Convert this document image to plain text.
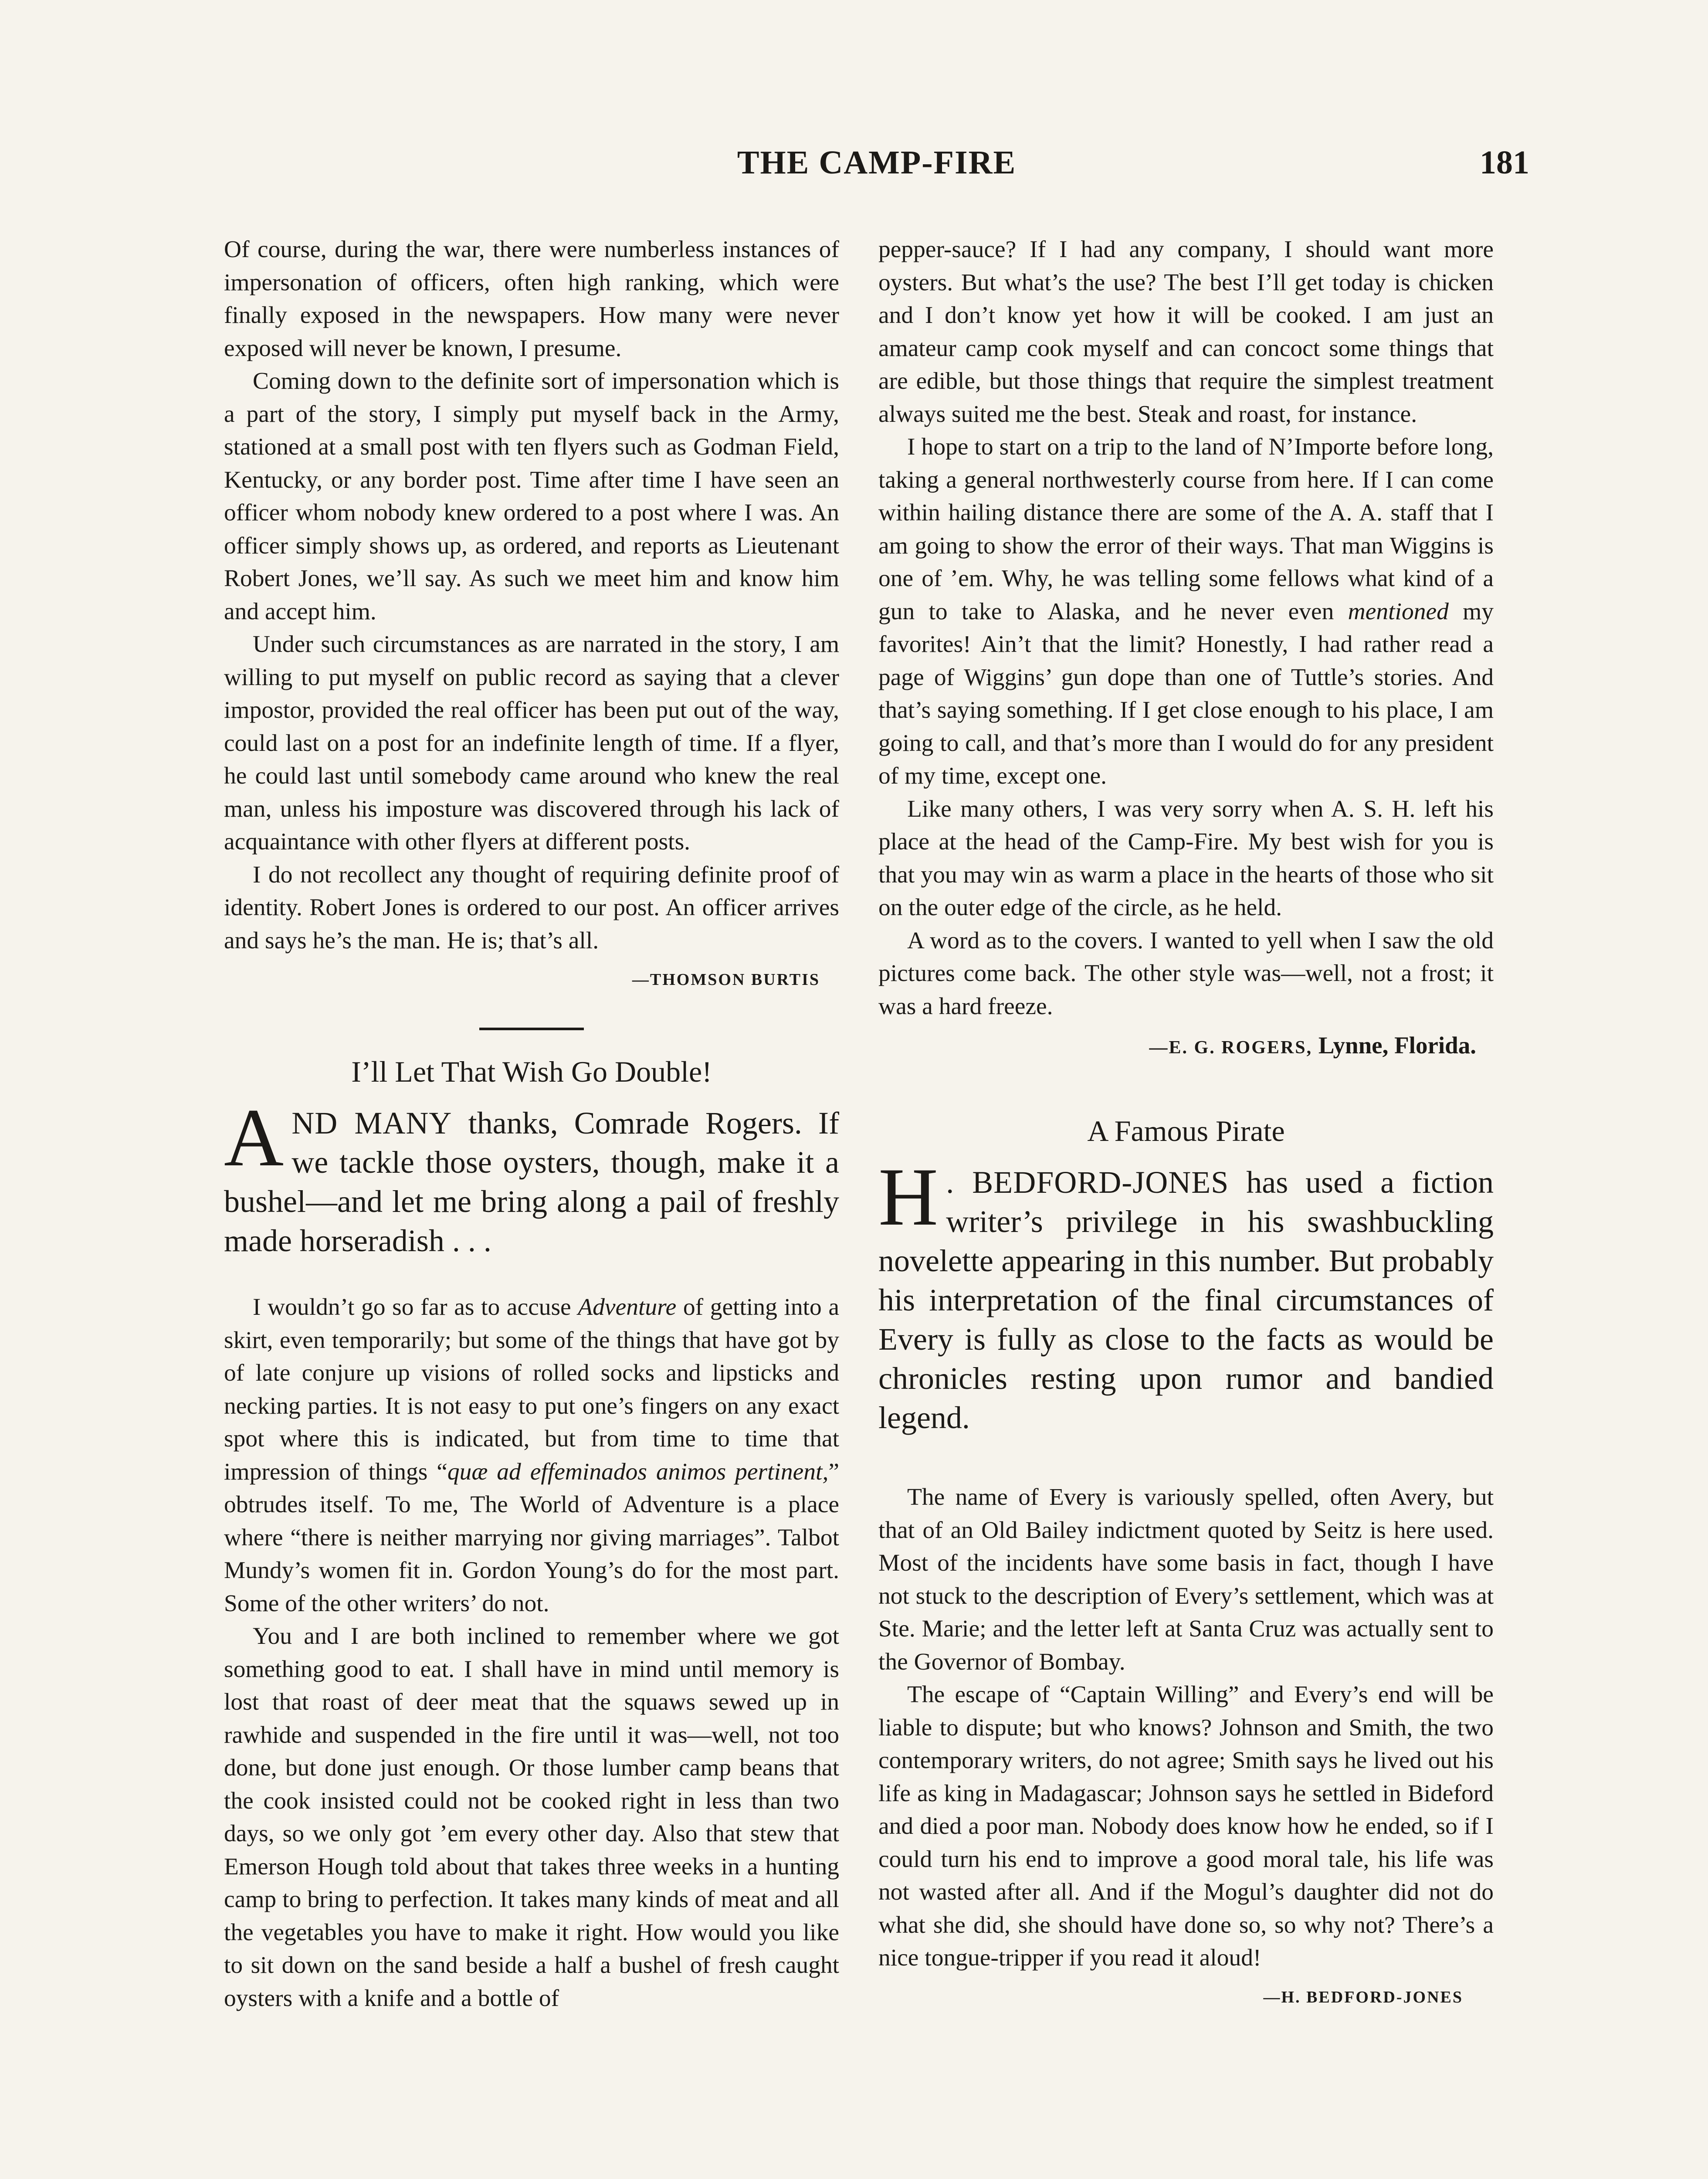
THE CAMP-FIRE	181

Of course, during the war, there were numberless instances of impersonation of officers, often high ranking, which were finally exposed in the newspapers. How many were never exposed will never be known, I presume.

Coming down to the definite sort of impersonation which is a part of the story, I simply put myself back in the Army, stationed at a small post with ten flyers such as Godman Field, Kentucky, or any border post. Time after time I have seen an officer whom nobody knew ordered to a post where I was. An officer simply shows up, as ordered, and reports as Lieutenant Robert Jones, we’ll say. As such we meet him and know him and accept him.

Under such circumstances as are narrated in the story, I am willing to put myself on public record as saying that a clever impostor, provided the real officer has been put out of the way, could last on a post for an indefinite length of time. If a flyer, he could last until somebody came around who knew the real man, unless his imposture was discovered through his lack of acquaintance with other flyers at different posts.

I do not recollect any thought of requiring definite proof of identity. Robert Jones is ordered to our post. An officer arrives and says he’s the man. He is; that’s all.

—THOMSON BURTIS
I’ll Let That Wish Go Double!
AND MANY thanks, Comrade Rogers. If we tackle those oysters, though, make it a bushel—and let me bring along a pail of freshly made horseradish . . .

I wouldn’t go so far as to accuse Adventure of getting into a skirt, even temporarily; but some of the things that have got by of late conjure up visions of rolled socks and lipsticks and necking parties. It is not easy to put one’s fingers on any exact spot where this is indicated, but from time to time that impression of things “quæ ad effeminados animos pertinent,” obtrudes itself. To me, The World of Adventure is a place where “there is neither marrying nor giving marriages”. Talbot Mundy’s women fit in. Gordon Young’s do for the most part. Some of the other writers’ do not.

You and I are both inclined to remember where we got something good to eat. I shall have in mind until memory is lost that roast of deer meat that the squaws sewed up in rawhide and suspended in the fire until it was—well, not too done, but done just enough. Or those lumber camp beans that the cook insisted could not be cooked right in less than two days, so we only got ’em every other day. Also that stew that Emerson Hough told about that takes three weeks in a hunting camp to bring to perfection. It takes many kinds of meat and all the vegetables you have to make it right. How would you like to sit down on the sand beside a half a bushel of fresh caught oysters with a knife and a bottle of

pepper-sauce? If I had any company, I should want more oysters. But what’s the use? The best I’ll get today is chicken and I don’t know yet how it will be cooked. I am just an amateur camp cook myself and can concoct some things that are edible, but those things that require the simplest treatment always suited me the best. Steak and roast, for instance.

I hope to start on a trip to the land of N’Importe before long, taking a general northwesterly course from here. If I can come within hailing distance there are some of the A. A. staff that I am going to show the error of their ways. That man Wiggins is one of ’em. Why, he was telling some fellows what kind of a gun to take to Alaska, and he never even mentioned my favorites! Ain’t that the limit? Honestly, I had rather read a page of Wiggins’ gun dope than one of Tuttle’s stories. And that’s saying something. If I get close enough to his place, I am going to call, and that’s more than I would do for any president of my time, except one.

Like many others, I was very sorry when A. S. H. left his place at the head of the Camp-Fire. My best wish for you is that you may win as warm a place in the hearts of those who sit on the outer edge of the circle, as he held.

A word as to the covers. I wanted to yell when I saw the old pictures come back. The other style was—well, not a frost; it was a hard freeze.

—E. G. ROGERS, Lynne, Florida.
A Famous Pirate
H . BEDFORD-JONES has used a fiction writer’s privilege in his swashbuckling novelette appearing in this number. But probably his interpretation of the final circumstances of Every is fully as close to the facts as would be chronicles resting upon rumor and bandied legend.

The name of Every is variously spelled, often Avery, but that of an Old Bailey indictment quoted by Seitz is here used. Most of the incidents have some basis in fact, though I have not stuck to the description of Every’s settlement, which was at Ste. Marie; and the letter left at Santa Cruz was actually sent to the Governor of Bombay.

The escape of “Captain Willing” and Every’s end will be liable to dispute; but who knows? Johnson and Smith, the two contemporary writers, do not agree; Smith says he lived out his life as king in Madagascar; Johnson says he settled in Bideford and died a poor man. Nobody does know how he ended, so if I could turn his end to improve a good moral tale, his life was not wasted after all. And if the Mogul’s daughter did not do what she did, she should have done so, so why not? There’s a nice tongue-tripper if you read it aloud!

—H. BEDFORD-JONES
